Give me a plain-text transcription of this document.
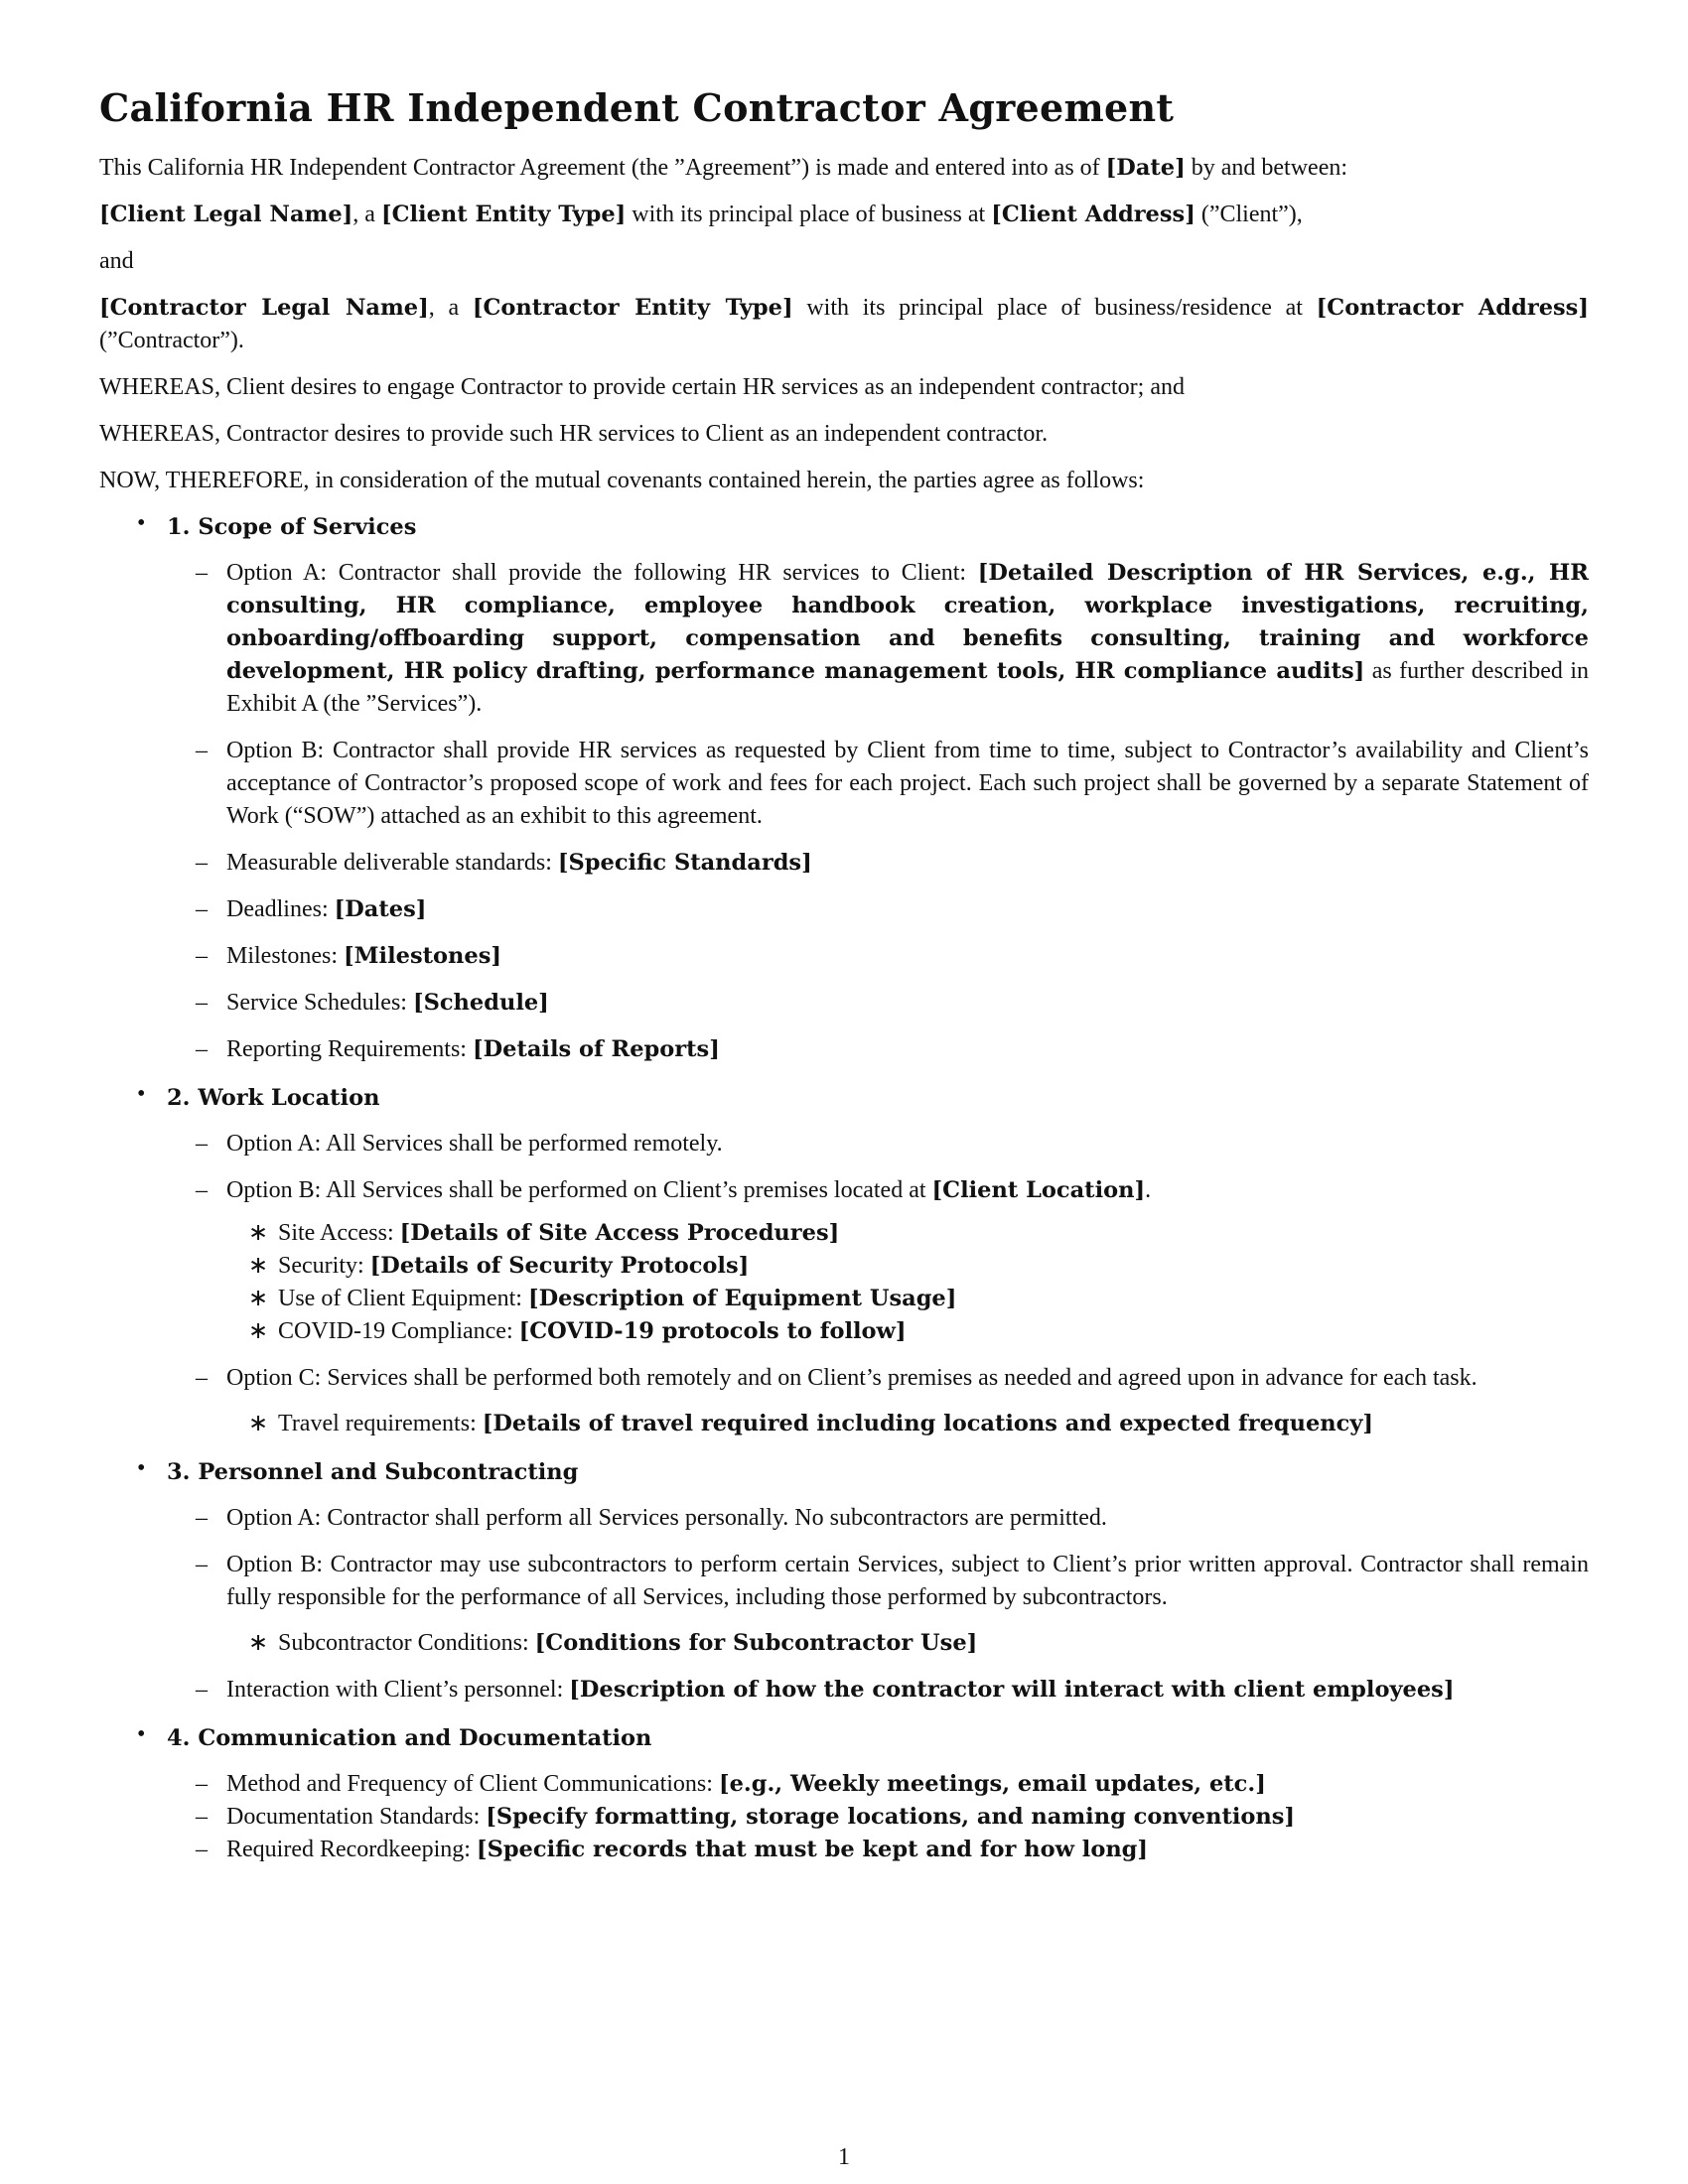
California HR Independent Contractor Agreement

This California HR Independent Contractor Agreement (the ”Agreement”) is made and entered into as of [Date] by and between:

[Client Legal Name], a [Client Entity Type] with its principal place of business at [Client Address] (”Client”),

and

[Contractor Legal Name], a [Contractor Entity Type] with its principal place of business/residence at [Contractor Address] (”Contractor”).

WHEREAS, Client desires to engage Contractor to provide certain HR services as an independent contractor; and

WHEREAS, Contractor desires to provide such HR services to Client as an independent contractor.

NOW, THEREFORE, in consideration of the mutual covenants contained herein, the parties agree as follows:

• 1. Scope of Services
– Option A: Contractor shall provide the following HR services to Client: [Detailed Description of HR Services, e.g., HR consulting, HR compliance, employee handbook creation, workplace investigations, recruiting, onboarding/offboarding support, compensation and benefits consulting, training and workforce development, HR policy drafting, performance management tools, HR compliance audits] as further described in Exhibit A (the ”Services”).
– Option B: Contractor shall provide HR services as requested by Client from time to time, subject to Contractor’s availability and Client’s acceptance of Contractor’s proposed scope of work and fees for each project. Each such project shall be governed by a separate Statement of Work (“SOW”) attached as an exhibit to this agreement.
– Measurable deliverable standards: [Specific Standards]
– Deadlines: [Dates]
– Milestones: [Milestones]
– Service Schedules: [Schedule]
– Reporting Requirements: [Details of Reports]
• 2. Work Location
– Option A: All Services shall be performed remotely.
– Option B: All Services shall be performed on Client’s premises located at [Client Location].
∗ Site Access: [Details of Site Access Procedures]
∗ Security: [Details of Security Protocols]
∗ Use of Client Equipment: [Description of Equipment Usage]
∗ COVID-19 Compliance: [COVID-19 protocols to follow]
– Option C: Services shall be performed both remotely and on Client’s premises as needed and agreed upon in advance for each task.
∗ Travel requirements: [Details of travel required including locations and expected frequency]
• 3. Personnel and Subcontracting
– Option A: Contractor shall perform all Services personally. No subcontractors are permitted.
– Option B: Contractor may use subcontractors to perform certain Services, subject to Client’s prior written approval. Contractor shall remain fully responsible for the performance of all Services, including those performed by subcontractors.
∗ Subcontractor Conditions: [Conditions for Subcontractor Use]
– Interaction with Client’s personnel: [Description of how the contractor will interact with client employees]
• 4. Communication and Documentation
– Method and Frequency of Client Communications: [e.g., Weekly meetings, email updates, etc.]
– Documentation Standards: [Specify formatting, storage locations, and naming conventions]
– Required Recordkeeping: [Specific records that must be kept and for how long]
1
